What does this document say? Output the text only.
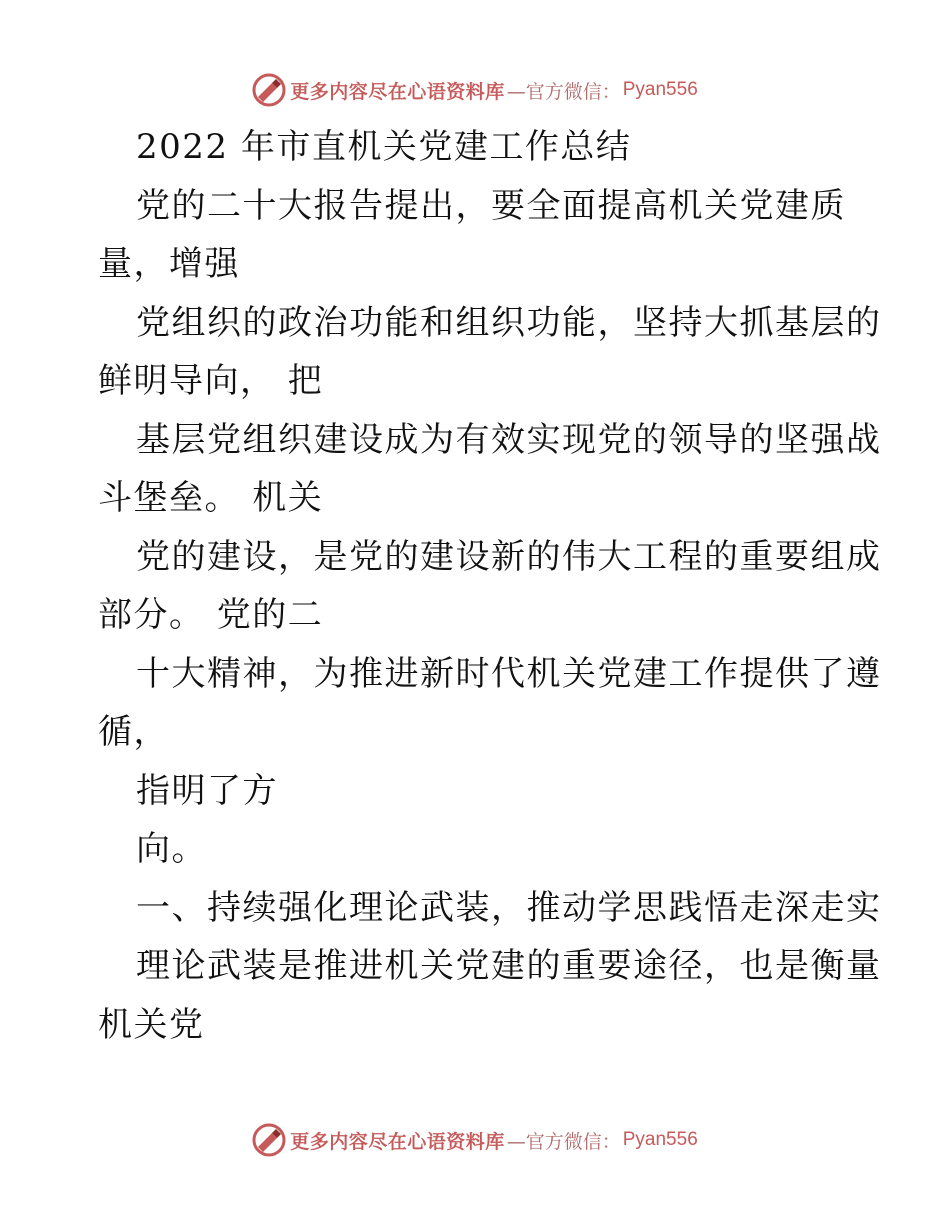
更多内容尽在心语资料库 —官方微信： Pyan556
2022 年市直机关党建工作总结
党的二十大报告提出，要全面提高机关党建质
量，增强
党组织的政治功能和组织功能，坚持大抓基层的
鲜明导向， 把
基层党组织建设成为有效实现党的领导的坚强战
斗堡垒。 机关
党的建设，是党的建设新的伟大工程的重要组成
部分。 党的二
十大精神，为推进新时代机关党建工作提供了遵
循，
指明了方
向。
一、持续强化理论武装，推动学思践悟走深走实
理论武装是推进机关党建的重要途径，也是衡量
机关党
更多内容尽在心语资料库 —官方微信： Pyan556
